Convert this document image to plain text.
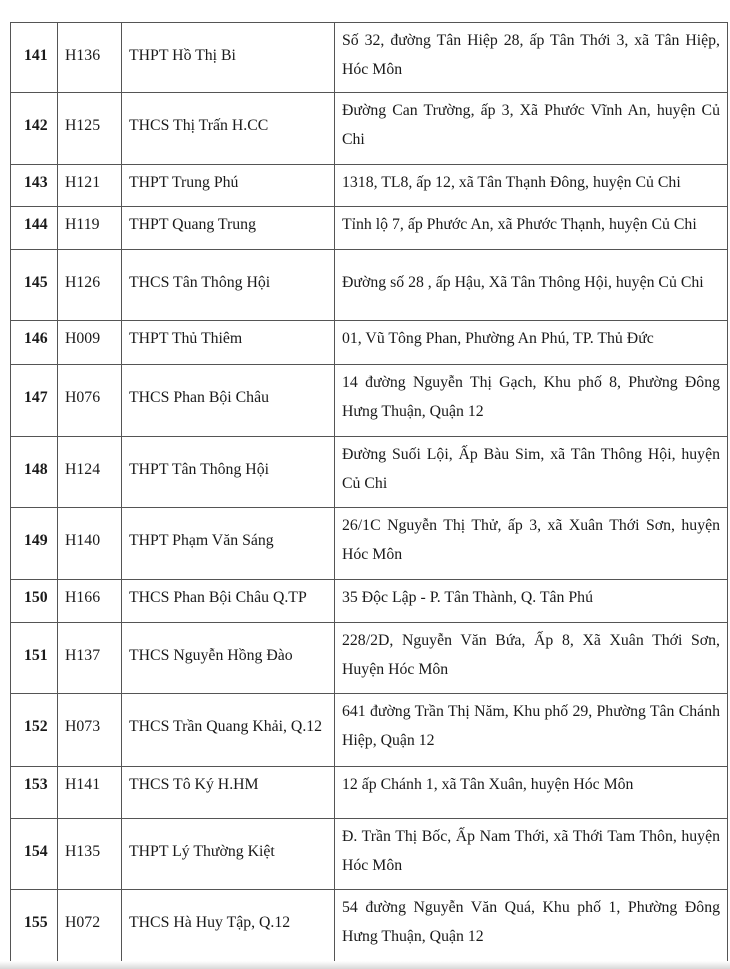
141	H136	THPT Hồ Thị Bi	Số 32, đường Tân Hiệp 28, ấp Tân Thới 3, xã Tân Hiệp, Hóc Môn

142	H125	THCS Thị Trấn H.CC	Đường Can Trường, ấp 3, Xã Phước Vĩnh An, huyện Củ Chi

143	H121	THPT Trung Phú	1318, TL8, ấp 12, xã Tân Thạnh Đông, huyện Củ Chi

144	H119	THPT Quang Trung	Tỉnh lộ 7, ấp Phước An, xã Phước Thạnh, huyện Củ Chi

145	H126	THCS Tân Thông Hội	Đường số 28 , ấp Hậu, Xã Tân Thông Hội, huyện Củ Chi

146	H009	THPT Thủ Thiêm	01, Vũ Tông Phan, Phường An Phú, TP. Thủ Đức

147	H076	THCS Phan Bội Châu	14 đường Nguyễn Thị Gạch, Khu phố 8, Phường Đông Hưng Thuận, Quận 12

148	H124	THPT Tân Thông Hội	Đường Suối Lội, Ấp Bàu Sim, xã Tân Thông Hội, huyện Củ Chi

149	H140	THPT Phạm Văn Sáng	26/1C Nguyễn Thị Thử, ấp 3, xã Xuân Thới Sơn, huyện Hóc Môn

150	H166	THCS Phan Bội Châu Q.TP	35 Độc Lập - P. Tân Thành, Q. Tân Phú

151	H137	THCS Nguyễn Hồng Đào	228/2D, Nguyễn Văn Bứa, Ấp 8, Xã Xuân Thới Sơn, Huyện Hóc Môn

152	H073	THCS Trần Quang Khải, Q.12	641 đường Trần Thị Năm, Khu phố 29, Phường Tân Chánh Hiệp, Quận 12

153	H141	THCS Tô Ký H.HM	12 ấp Chánh 1, xã Tân Xuân, huyện Hóc Môn

154	H135	THPT Lý Thường Kiệt	Đ. Trần Thị Bốc, Ấp Nam Thới, xã Thới Tam Thôn, huyện Hóc Môn

155	H072	THCS Hà Huy Tập, Q.12	54 đường Nguyễn Văn Quá, Khu phố 1, Phường Đông Hưng Thuận, Quận 12
